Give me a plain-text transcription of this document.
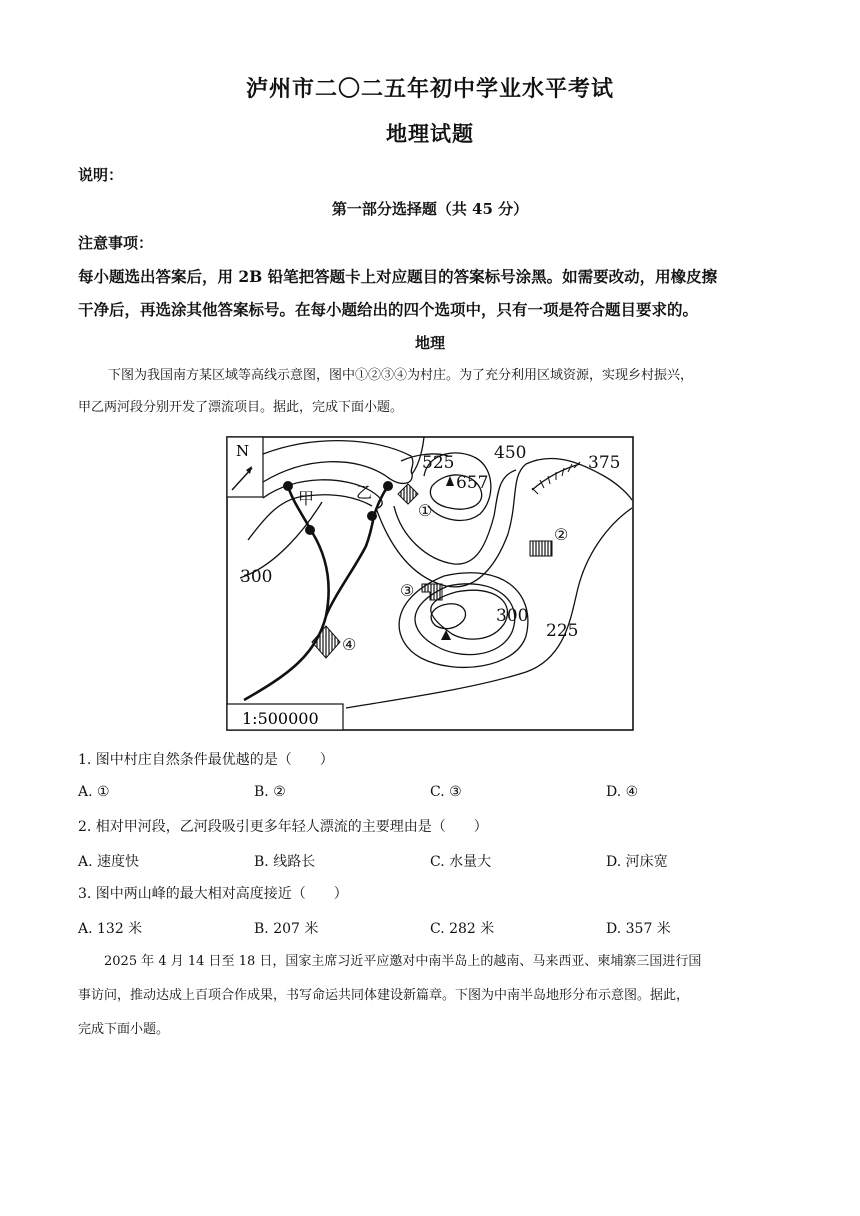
泸州市二〇二五年初中学业水平考试
地理试题
说明：
第一部分选择题（共 45 分）
注意事项：
每小题选出答案后，用 2B 铅笔把答题卡上对应题目的答案标号涂黑。如需要改动，用橡皮擦
干净后，再选涂其他答案标号。在每小题给出的四个选项中，只有一项是符合题目要求的。
地理
下图为我国南方某区域等高线示意图，图中①②③④为村庄。为了充分利用区域资源，实现乡村振兴，
甲乙两河段分别开发了漂流项目。据此，完成下面小题。
N
525 450
657
375
300
300
225
甲	乙
①
②
③
④
1:500000
1. 图中村庄自然条件最优越的是（　　）
A. ①	B. ②	C. ③	D. ④
2. 相对甲河段，乙河段吸引更多年轻人漂流的主要理由是（　　）
A. 速度快	B. 线路长	C. 水量大	D. 河床宽
3. 图中两山峰的最大相对高度接近（　　）
A. 132 米	B. 207 米	C. 282 米	D. 357 米
2025 年 4 月 14 日至 18 日，国家主席习近平应邀对中南半岛上的越南、马来西亚、柬埔寨三国进行国
事访问，推动达成上百项合作成果，书写命运共同体建设新篇章。下图为中南半岛地形分布示意图。据此，
完成下面小题。
